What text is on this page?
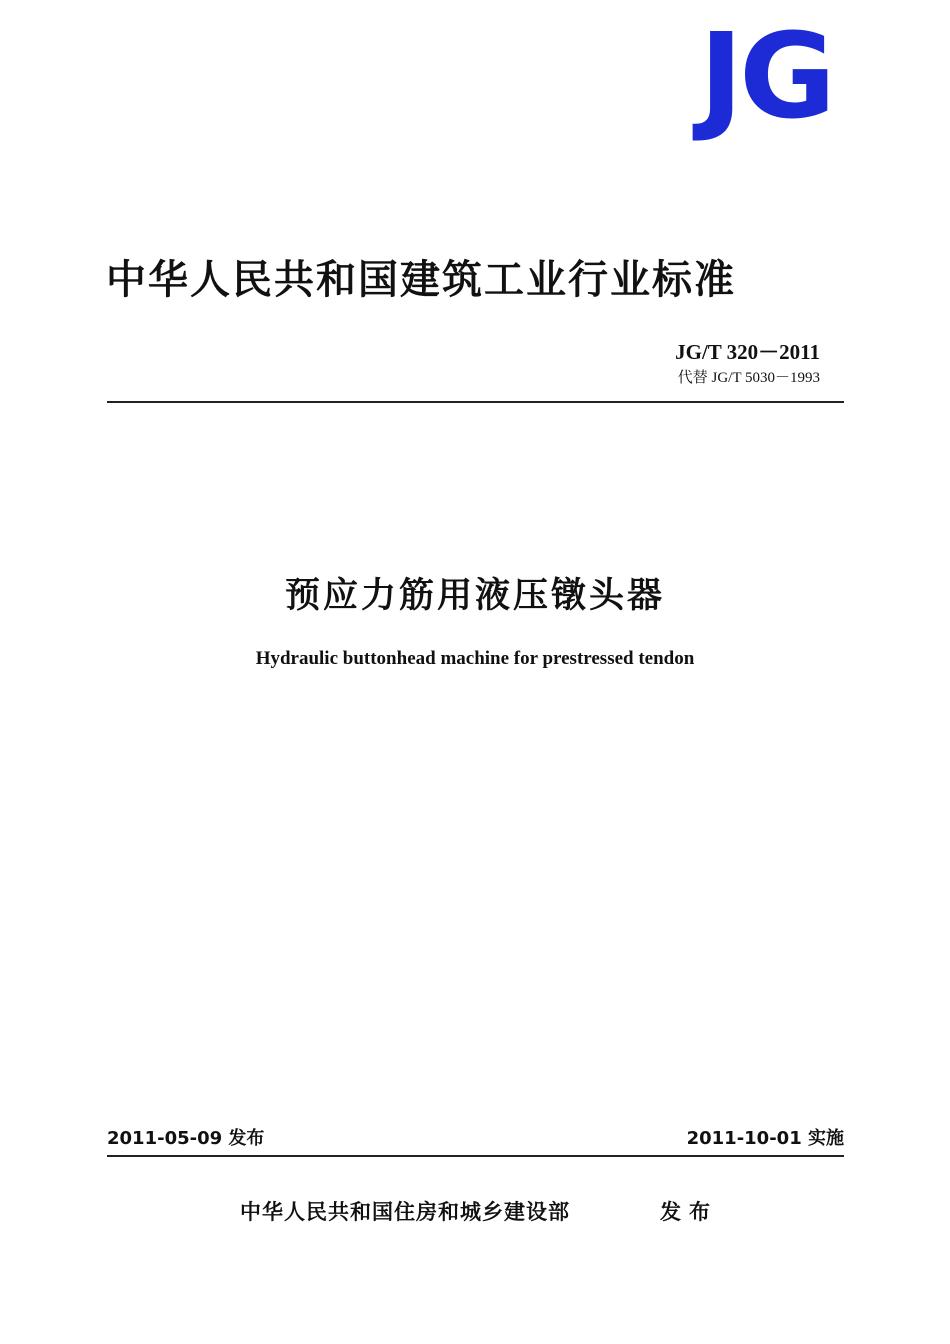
JG
中华人民共和国建筑工业行业标准
JG/T 320－2011
代替 JG/T 5030－1993
预应力筋用液压镦头器
Hydraulic buttonhead machine for prestressed tendon
2011-05-09 发布	2011-10-01 实施
中华人民共和国住房和城乡建设部	发布
